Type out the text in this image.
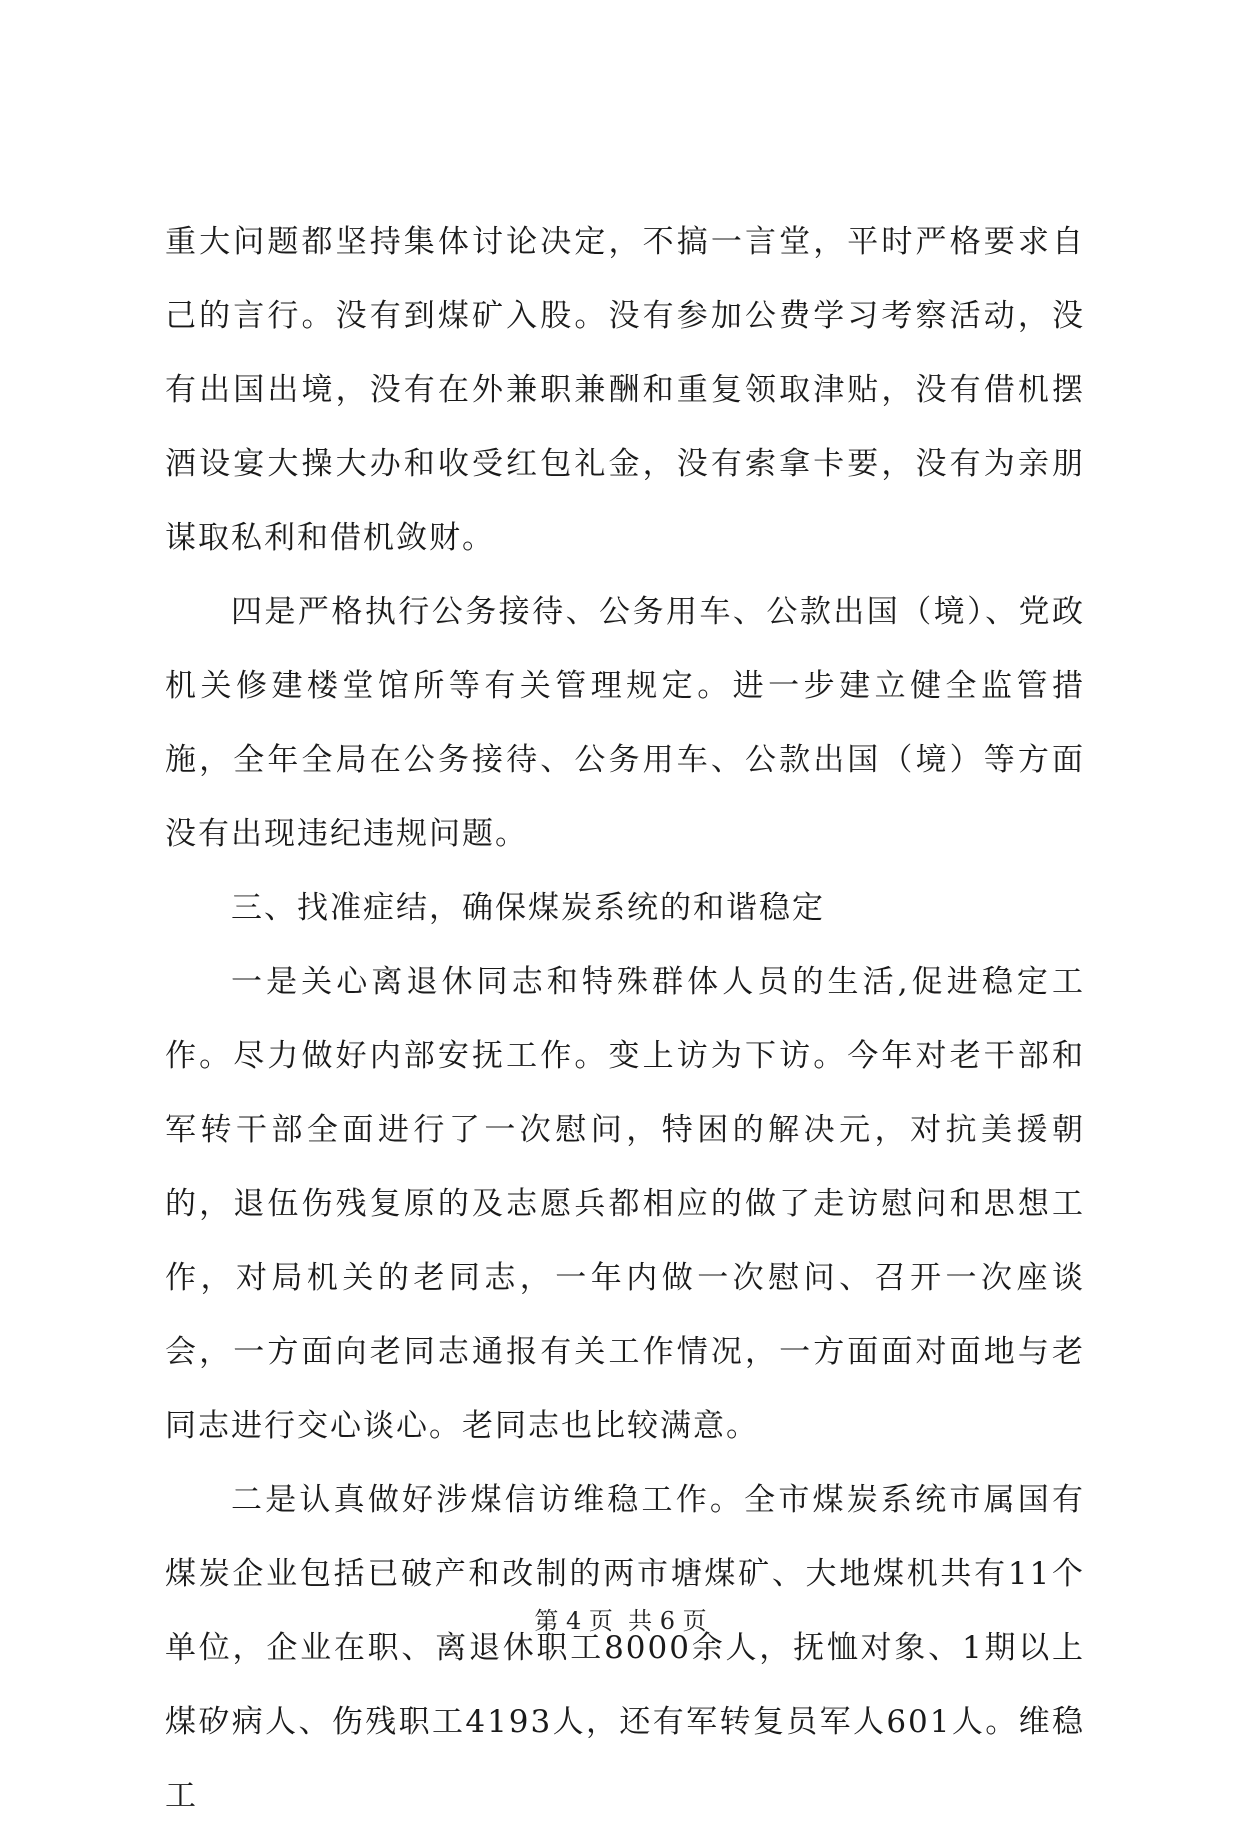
重大问题都坚持集体讨论决定，不搞一言堂，平时严格要求自己的言行。没有到煤矿入股。没有参加公费学习考察活动，没有出国出境，没有在外兼职兼酬和重复领取津贴，没有借机摆酒设宴大操大办和收受红包礼金，没有索拿卡要，没有为亲朋谋取私利和借机敛财。

四是严格执行公务接待、公务用车、公款出国（境）、党政机关修建楼堂馆所等有关管理规定。进一步建立健全监管措施，全年全局在公务接待、公务用车、公款出国（境）等方面没有出现违纪违规问题。

三、找准症结，确保煤炭系统的和谐稳定

一是关心离退休同志和特殊群体人员的生活,促进稳定工作。尽力做好内部安抚工作。变上访为下访。今年对老干部和军转干部全面进行了一次慰问，特困的解决元，对抗美援朝的，退伍伤残复原的及志愿兵都相应的做了走访慰问和思想工作，对局机关的老同志，一年内做一次慰问、召开一次座谈会，一方面向老同志通报有关工作情况，一方面面对面地与老同志进行交心谈心。老同志也比较满意。

二是认真做好涉煤信访维稳工作。全市煤炭系统市属国有煤炭企业包括已破产和改制的两市塘煤矿、大地煤机共有11个单位，企业在职、离退休职工8000余人，抚恤对象、1期以上煤矽病人、伤残职工4193人，还有军转复员军人601人。维稳工

第 4 页  共 6 页
